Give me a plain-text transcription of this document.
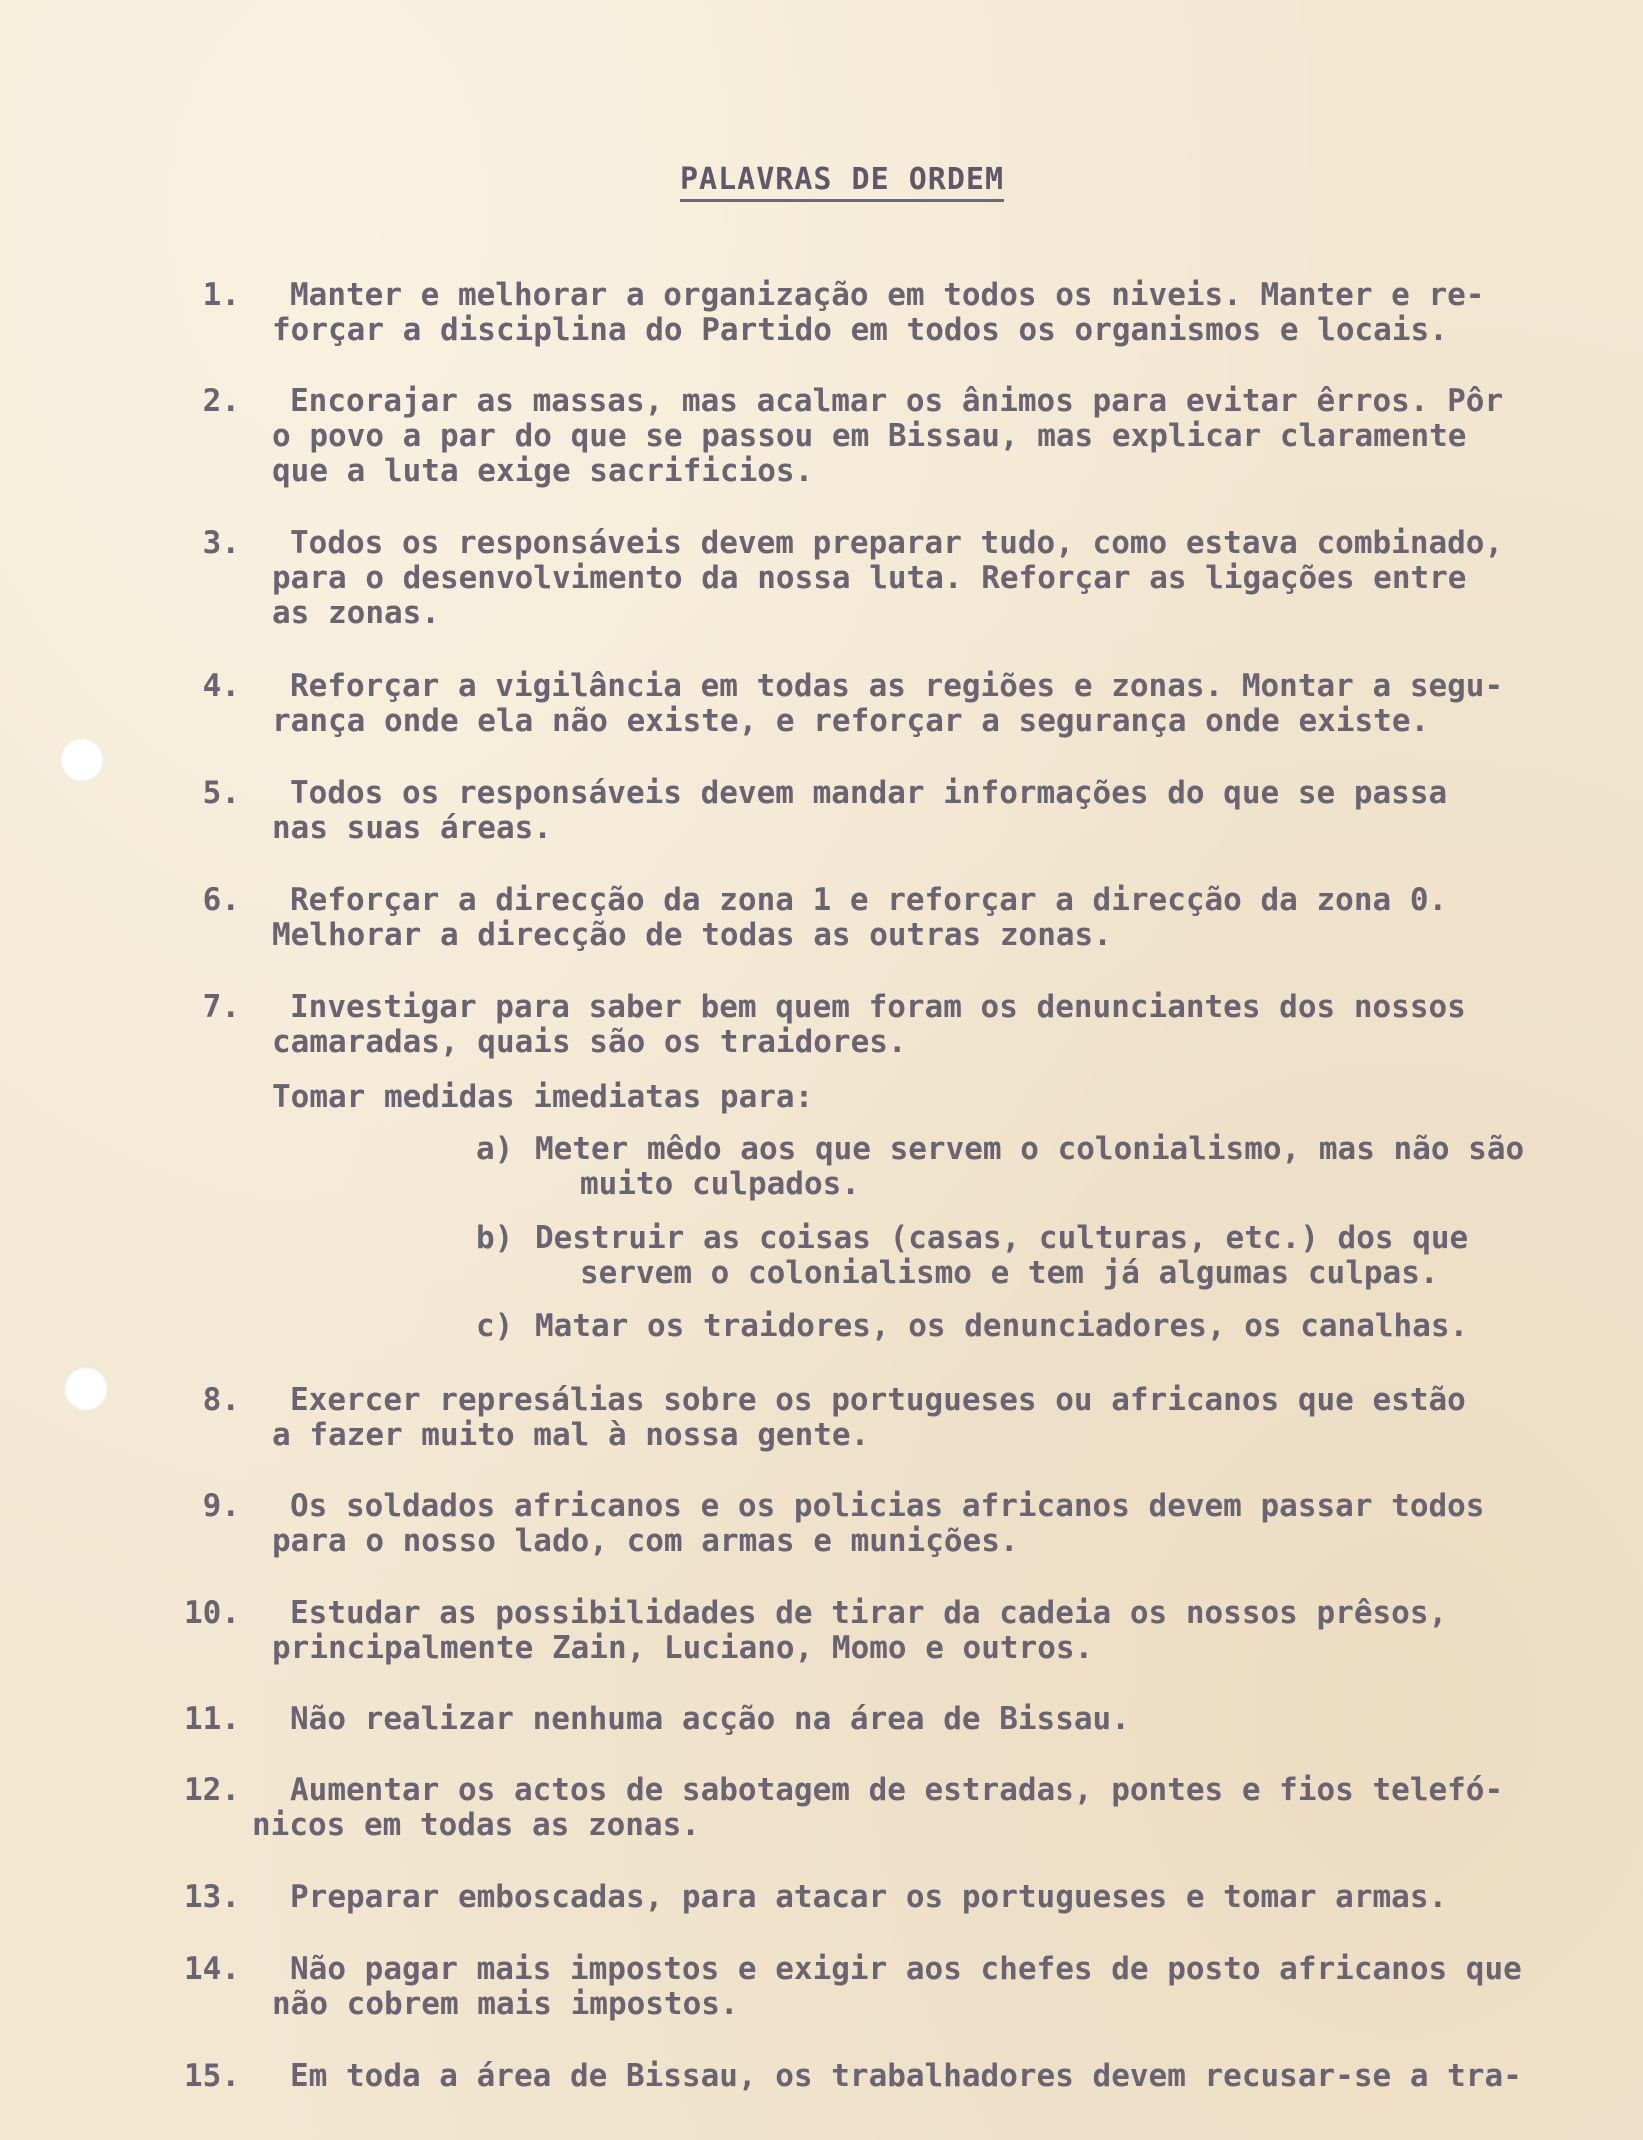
PALAVRAS DE ORDEM
1. Manter e melhorar a organização em todos os niveis. Manter e re-
forçar a disciplina do Partido em todos os organismos e locais.
2. Encorajar as massas, mas acalmar os ânimos para evitar êrros. Pôr
o povo a par do que se passou em Bissau, mas explicar claramente
que a luta exige sacrificios.
3. Todos os responsáveis devem preparar tudo, como estava combinado,
para o desenvolvimento da nossa luta. Reforçar as ligações entre
as zonas.
4. Reforçar a vigilância em todas as regiões e zonas. Montar a segu-
rança onde ela não existe, e reforçar a segurança onde existe.
5. Todos os responsáveis devem mandar informações do que se passa
nas suas áreas.
6. Reforçar a direcção da zona 1 e reforçar a direcção da zona 0.
Melhorar a direcção de todas as outras zonas.
7. Investigar para saber bem quem foram os denunciantes dos nossos
camaradas, quais são os traidores.
Tomar medidas imediatas para:
a) Meter mêdo aos que servem o colonialismo, mas não são
muito culpados.
b) Destruir as coisas (casas, culturas, etc.) dos que
servem o colonialismo e tem já algumas culpas.
c) Matar os traidores, os denunciadores, os canalhas.
8. Exercer represálias sobre os portugueses ou africanos que estão
a fazer muito mal à nossa gente.
9. Os soldados africanos e os policias africanos devem passar todos
para o nosso lado, com armas e munições.
10. Estudar as possibilidades de tirar da cadeia os nossos prêsos,
principalmente Zain, Luciano, Momo e outros.
11. Não realizar nenhuma acção na área de Bissau.
12. Aumentar os actos de sabotagem de estradas, pontes e fios telefó-
nicos em todas as zonas.
13. Preparar emboscadas, para atacar os portugueses e tomar armas.
14. Não pagar mais impostos e exigir aos chefes de posto africanos que
não cobrem mais impostos.
15. Em toda a área de Bissau, os trabalhadores devem recusar-se a tra-
